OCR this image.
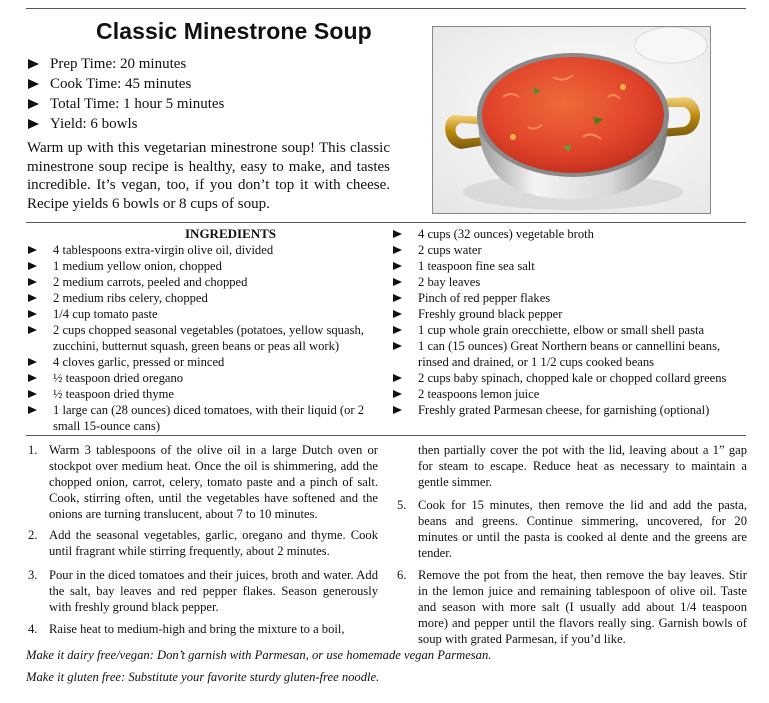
Classic Minestrone Soup
Prep Time: 20 minutes
Cook Time: 45 minutes
Total Time: 1 hour 5 minutes
Yield: 6 bowls

Warm up with this vegetarian minestrone soup! This classic minestrone soup recipe is healthy, easy to make, and tastes incredible. It’s vegan, too, if you don’t top it with cheese. Recipe yields 6 bowls or 8 cups of soup.

INGREDIENTS
4 tablespoons extra-virgin olive oil, divided
1 medium yellow onion, chopped
2 medium carrots, peeled and chopped
2 medium ribs celery, chopped
1/4 cup tomato paste
2 cups chopped seasonal vegetables (potatoes, yellow squash, zucchini, butternut squash, green beans or peas all work)
4 cloves garlic, pressed or minced
½ teaspoon dried oregano
½ teaspoon dried thyme
1 large can (28 ounces) diced tomatoes, with their liquid (or 2 small 15-ounce cans)
4 cups (32 ounces) vegetable broth
2 cups water
1 teaspoon fine sea salt
2 bay leaves
Pinch of red pepper flakes
Freshly ground black pepper
1 cup whole grain orecchiette, elbow or small shell pasta
1 can (15 ounces) Great Northern beans or cannellini beans, rinsed and drained, or 1 1/2 cups cooked beans
2 cups baby spinach, chopped kale or chopped collard greens
2 teaspoons lemon juice
Freshly grated Parmesan cheese, for garnishing (optional)
1. Warm 3 tablespoons of the olive oil in a large Dutch oven or stockpot over medium heat. Once the oil is shimmering, add the chopped onion, carrot, celery, tomato paste and a pinch of salt. Cook, stirring often, until the vegetables have softened and the onions are turning translucent, about 7 to 10 minutes.
2. Add the seasonal vegetables, garlic, oregano and thyme. Cook until fragrant while stirring frequently, about 2 minutes.
3. Pour in the diced tomatoes and their juices, broth and water. Add the salt, bay leaves and red pepper flakes. Season generously with freshly ground black pepper.
4. Raise heat to medium-high and bring the mixture to a boil,
then partially cover the pot with the lid, leaving about a 1” gap for steam to escape. Reduce heat as necessary to maintain a gentle simmer.
5. Cook for 15 minutes, then remove the lid and add the pasta, beans and greens. Continue simmering, uncovered, for 20 minutes or until the pasta is cooked al dente and the greens are tender.
6. Remove the pot from the heat, then remove the bay leaves. Stir in the lemon juice and remaining tablespoon of olive oil. Taste and season with more salt (I usually add about 1/4 teaspoon more) and pepper until the flavors really sing. Garnish bowls of soup with grated Parmesan, if you’d like.
Make it dairy free/vegan: Don’t garnish with Parmesan, or use homemade vegan Parmesan.
Make it gluten free: Substitute your favorite sturdy gluten-free noodle.
